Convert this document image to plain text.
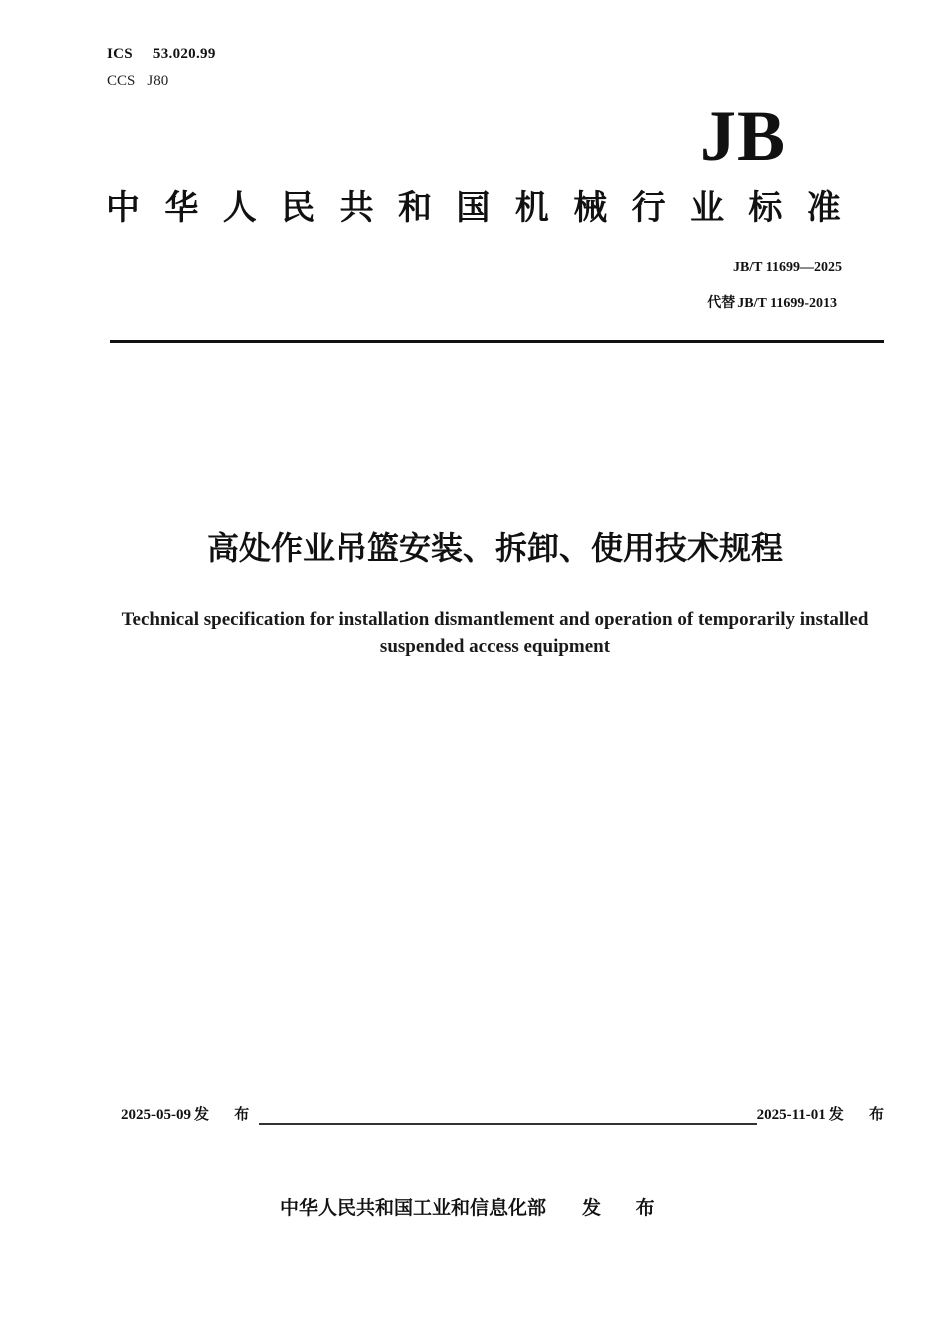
ICS 53.020.99
CCS J80
JB
中华人民共和国机械行业标准
JB/T 11699—2025
代替 JB/T 11699-2013
高处作业吊篮安装、拆卸、使用技术规程
Technical specification for installation dismantlement and operation of temporarily installed suspended access equipment
2025-05-09 发 布	2025-11-01 发 布
中华人民共和国工业和信息化部 发 布
